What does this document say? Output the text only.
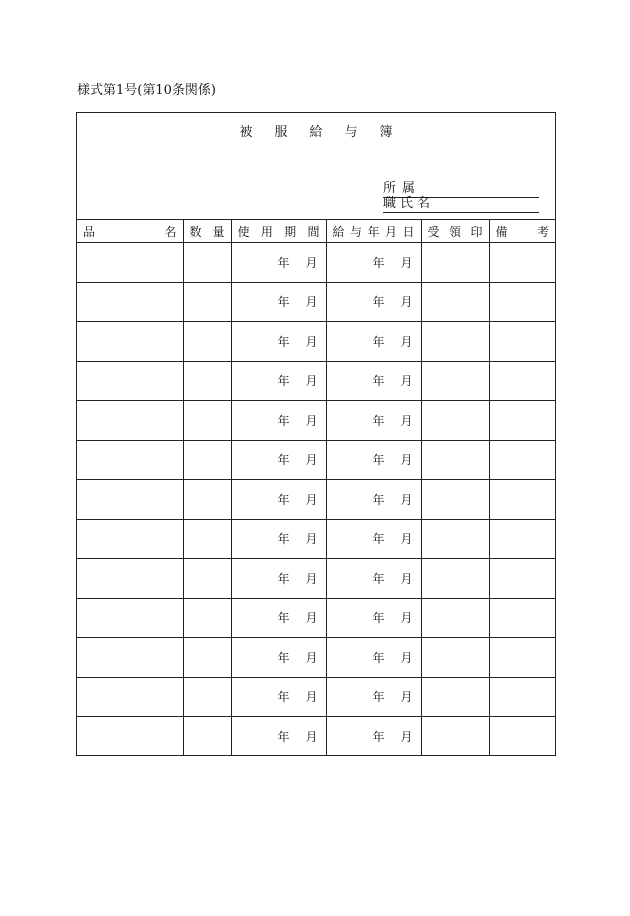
様式第1号(第10条関係)
被服給与簿
所属
職氏名
品 名	数 量	使 用 期 間	給 与 年 月 日	受 領 印	備 考

		年 月	年 月		

		年 月	年 月		

		年 月	年 月		

		年 月	年 月		

		年 月	年 月		

		年 月	年 月		

		年 月	年 月		

		年 月	年 月		

		年 月	年 月		

		年 月	年 月		

		年 月	年 月		

		年 月	年 月		

		年 月	年 月		
